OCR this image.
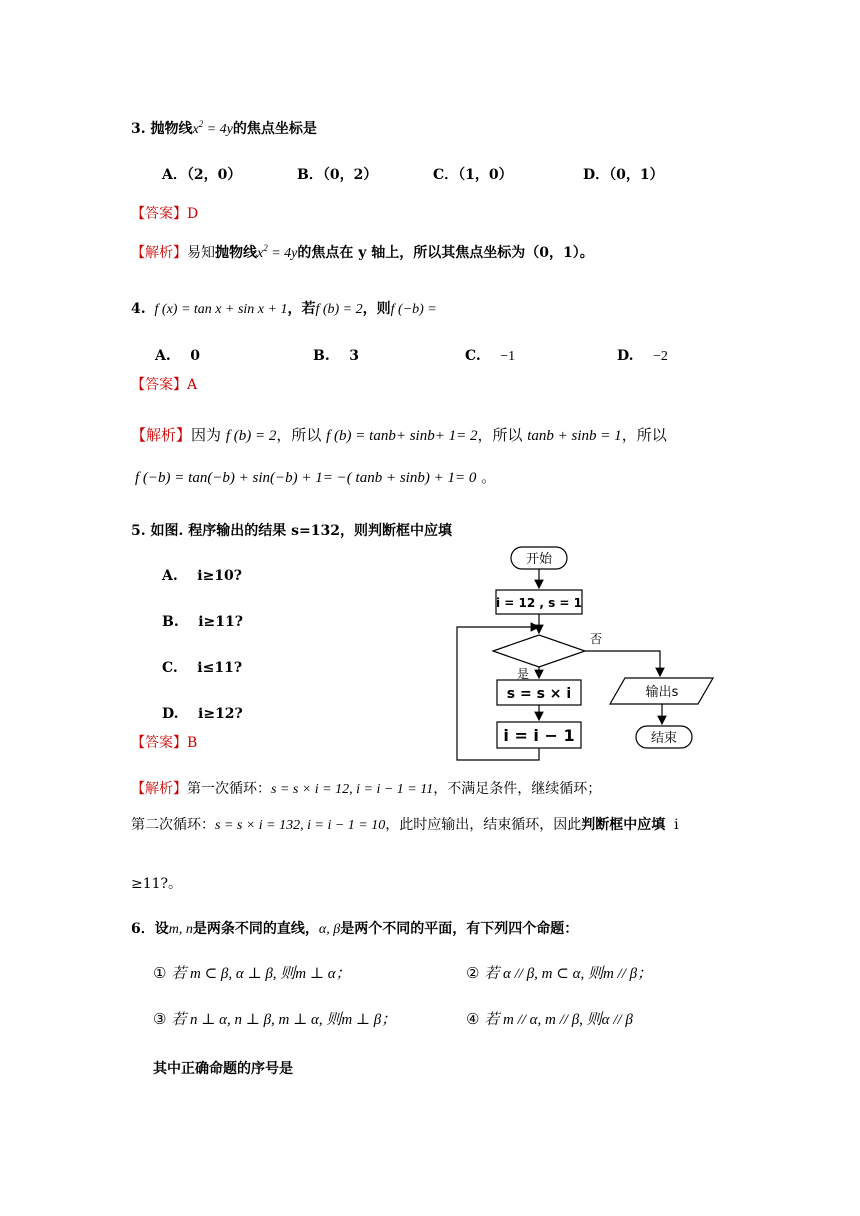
3. 抛物线$x^2 = 4y$的焦点坐标是
A．（2，0）	B．（0，2）	C．（1，0）	D．（0，1）
【答案】D
【解析】易知抛物线$x^2 = 4y$的焦点在 y 轴上，所以其焦点坐标为（0，1）。
4. f (x) = tan x + sin x + 1，若f (b) = 2，则f (−b) =
A. 0	B. 3	C. −1	D. −2
【答案】A
【解析】因为 f (b) = 2，所以 f (b) = tanb+ sinb+ 1= 2，所以 tanb + sinb = 1，所以
f (−b) = tan(−b) + sin(−b) + 1= −( tanb + sinb) + 1= 0 。
5. 如图. 程序输出的结果 s=132，则判断框中应填
A. i≥10?
B. i≥11?
C. i≤11?
D. i≥12?
【答案】B
开始
i = 12 , s = 1
否
是
s = s × i
i = i − 1
输出s
结束
【解析】第一次循环：s = s × i = 12, i = i − 1 = 11，不满足条件，继续循环；
第二次循环：s = s × i = 132, i = i − 1 = 10，此时应输出，结束循环，因此判断框中应填 i
≥11?。
6．设m, n是两条不同的直线，α, β是两个不同的平面，有下列四个命题：
① 若 m ⊂ β, α ⊥ β, 则m ⊥ α；	② 若 α // β, m ⊂ α, 则m // β；
③ 若 n ⊥ α, n ⊥ β, m ⊥ α, 则m ⊥ β；	④ 若 m // α, m // β, 则α // β
其中正确命题的序号是
